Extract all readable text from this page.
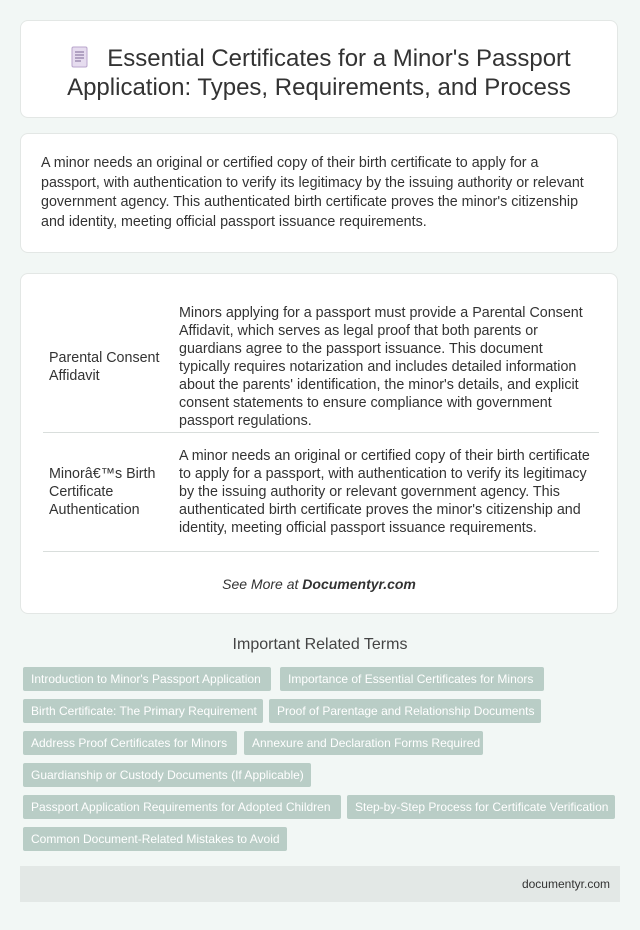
Essential Certificates for a Minor's Passport Application: Types, Requirements, and Process

A minor needs an original or certified copy of their birth certificate to apply for a passport, with authentication to verify its legitimacy by the issuing authority or relevant government agency. This authenticated birth certificate proves the minor's citizenship and identity, meeting official passport issuance requirements.

Parental Consent Affidavit	Minors applying for a passport must provide a Parental Consent Affidavit, which serves as legal proof that both parents or guardians agree to the passport issuance. This document typically requires notarization and includes detailed information about the parents' identification, the minor's details, and explicit consent statements to ensure compliance with government passport regulations.
Minorâ€™s Birth Certificate Authentication	A minor needs an original or certified copy of their birth certificate to apply for a passport, with authentication to verify its legitimacy by the issuing authority or relevant government agency. This authenticated birth certificate proves the minor's citizenship and identity, meeting official passport issuance requirements.
See More at Documentyr.com
Important Related Terms
Introduction to Minor's Passport Application	Importance of Essential Certificates for Minors
Birth Certificate: The Primary Requirement	Proof of Parentage and Relationship Documents
Address Proof Certificates for Minors	Annexure and Declaration Forms Required
Guardianship or Custody Documents (If Applicable)
Passport Application Requirements for Adopted Children	Step-by-Step Process for Certificate Verification
Common Document-Related Mistakes to Avoid
documentyr.com
